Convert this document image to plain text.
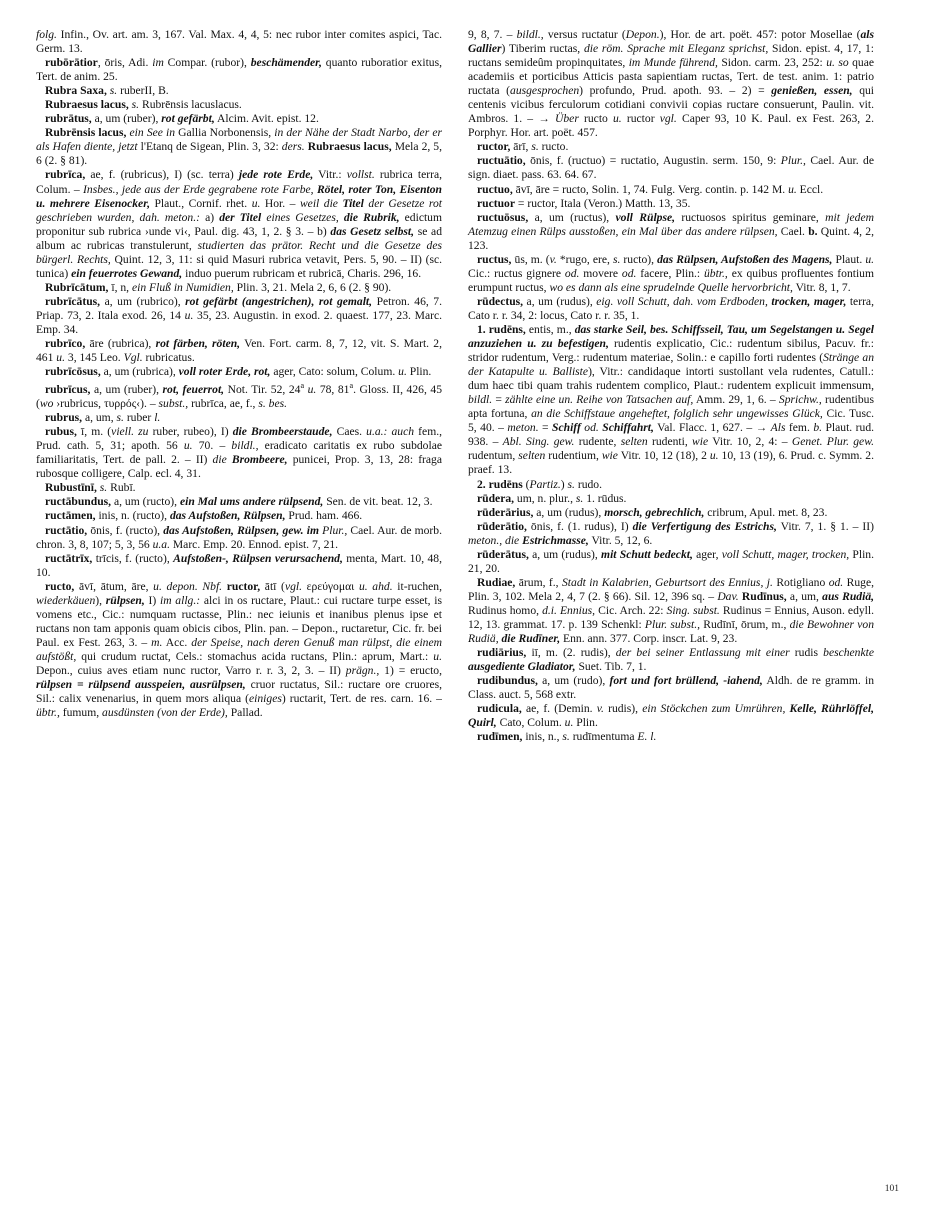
folg. Infin., Ov. art. am. 3, 167. Val. Max. 4, 4, 5: nec rubor inter comites aspici, Tac. Germ. 13.

rubōrātior, ōris, Adi. im Compar. (rubor), beschämender, quanto ruboratior exitus, Tert. de anim. 25.

Rubra Saxa, s. ruberII, B.

Rubraesus lacus, s. Rubrēnsis lacuslacus.

rubrātus, a, um (ruber), rot gefärbt, Alcim. Avit. epist. 12.

Rubrēnsis lacus, ein See in Gallia Norbonensis, in der Nähe der Stadt Narbo, der er als Hafen diente, jetzt l'Etanq de Sigean, Plin. 3, 32: ders. Rubraesus lacus, Mela 2, 5, 6 (2. § 81).

rubrīca, ae, f. (rubricus), I) (sc. terra) jede rote Erde, Vitr.: vollst. rubrica terra, Colum. – Insbes., jede aus der Erde gegrabene rote Farbe, Rötel, roter Ton, Eisenton u. mehrere Eisenocker, Plaut., Cornif. rhet. u. Hor. – weil die Titel der Gesetze rot geschrieben wurden, dah. meton.: a) der Titel eines Gesetzes, die Rubrik, edictum proponitur sub rubrica ›unde vi‹, Paul. dig. 43, 1, 2. § 3. – b) das Gesetz selbst, se ad album ac rubricas transtulerunt, studierten das prätor. Recht und die Gesetze des bürgerl. Rechts, Quint. 12, 3, 11: si quid Masuri rubrica vetavit, Pers. 5, 90. – II) (sc. tunica) ein feuerrotes Gewand, induo puerum rubricam et rubricā, Charis. 296, 16.

Rubrīcātum, ī, n, ein Fluß in Numidien, Plin. 3, 21. Mela 2, 6, 6 (2. § 90).

rubrīcātus, a, um (rubrico), rot gefärbt (angestrichen), rot gemalt, Petron. 46, 7. Priap. 73, 2. Itala exod. 26, 14 u. 35, 23. Augustin. in exod. 2. quaest. 177, 23. Marc. Emp. 34.

rubrīco, āre (rubrica), rot färben, röten, Ven. Fort. carm. 8, 7, 12, vit. S. Mart. 2, 461 u. 3, 145 Leo. Vgl. rubricatus.

rubrīcōsus, a, um (rubrica), voll roter Erde, rot, ager, Cato: solum, Colum. u. Plin.

rubrīcus, a, um (ruber), rot, feuerrot, Not. Tir. 52, 24$^a$ u. 78, 81$^a$. Gloss. II, 426, 45 (wo ›rubricus, τυρρός‹). – subst., rubrīca, ae, f., s. bes.

rubrus, a, um, s. ruber l.

rubus, ī, m. (viell. zu ruber, rubeo), I) die Brombeerstaude, Caes. u.a.: auch fem., Prud. cath. 5, 31; apoth. 56 u. 70. – bildl., eradicato caritatis ex rubo subdolae familiaritatis, Tert. de pall. 2. – II) die Brombeere, punicei, Prop. 3, 13, 28: fraga rubosque colligere, Calp. ecl. 4, 31.

Rubustīnī, s. Rubī.

ructābundus, a, um (ructo), ein Mal ums andere rülpsend, Sen. de vit. beat. 12, 3.

ructāmen, inis, n. (ructo), das Aufstoßen, Rülpsen, Prud. ham. 466.

ructātio, ōnis, f. (ructo), das Aufstoßen, Rülpsen, gew. im Plur., Cael. Aur. de morb. chron. 3, 8, 107; 5, 3, 56 u.a. Marc. Emp. 20. Ennod. epist. 7, 21.

ructātrīx, trīcis, f. (ructo), Aufstoßen-, Rülpsen verursachend, menta, Mart. 10, 48, 10.

ructo, āvī, ātum, āre, u. depon. Nbf. ructor, ātī (vgl. ερεύγομαι u. ahd. it-ruchen, wiederkäuen), rülpsen, I) im allg.: alci in os ructare, Plaut.: cui ructare turpe esset, is vomens etc., Cic.: numquam ructasse, Plin.: nec ieiunis et inanibus plenus ipse et ructans non tam apponis quam obicis cibos, Plin. pan. – Depon., ructaretur, Cic. fr. bei Paul. ex Fest. 263, 3. – m. Acc. der Speise, nach deren Genuß man rülpst, die einem aufstößt, qui crudum ructat, Cels.: stomachus acida ructans, Plin.: aprum, Mart.: u. Depon., cuius aves etiam nunc ructor, Varro r. r. 3, 2, 3. – II) prägn., 1) = eructo, rülpsen = rülpsend ausspeien, ausrülpsen, cruor ructatus, Sil.: ructare ore cruores, Sil.: calix venenarius, in quem mors aliqua (einiges) ructarit, Tert. de res. carn. 16. – übtr., fumum, ausdünsten (von der Erde), Pallad.

9, 8, 7. – bildl., versus ructatur (Depon.), Hor. de art. poët. 457: potor Mosellae (als Gallier) Tiberim ructas, die röm. Sprache mit Eleganz sprichst, Sidon. epist. 4, 17, 1: ructans semideûm propinquitates, im Munde führend, Sidon. carm. 23, 252: u. so quae academiis et porticibus Atticis pasta sapientiam ructas, Tert. de test. anim. 1: patrio ructata (ausgesprochen) profundo, Prud. apoth. 93. – 2) = genießen, essen, qui centenis vicibus ferculorum cotidiani convivii copias ructare consuerunt, Paulin. vit. Ambros. 1. – → Über ructo u. ructor vgl. Caper 93, 10 K. Paul. ex Fest. 263, 2. Porphyr. Hor. art. poët. 457.

ructor, ārī, s. ructo.

ructuātio, ōnis, f. (ructuo) = ructatio, Augustin. serm. 150, 9: Plur., Cael. Aur. de sign. diaet. pass. 63. 64. 67.

ructuo, āvī, āre = ructo, Solin. 1, 74. Fulg. Verg. contin. p. 142 M. u. Eccl.

ructuor = ructor, Itala (Veron.) Matth. 13, 35.

ructuōsus, a, um (ructus), voll Rülpse, ructuosos spiritus geminare, mit jedem Atemzug einen Rülps ausstoßen, ein Mal über das andere rülpsen, Cael. b. Quint. 4, 2, 123.

ructus, ūs, m. (v. *rugo, ere, s. ructo), das Rülpsen, Aufstoßen des Magens, Plaut. u. Cic.: ructus gignere od. movere od. facere, Plin.: übtr., ex quibus profluentes fontium erumpunt ructus, wo es dann als eine sprudelnde Quelle hervorbricht, Vitr. 8, 1, 7.

rūdectus, a, um (rudus), eig. voll Schutt, dah. vom Erdboden, trocken, mager, terra, Cato r. r. 34, 2: locus, Cato r. r. 35, 1.

1. rudēns, entis, m., das starke Seil, bes. Schiffsseil, Tau, um Segelstangen u. Segel anzuziehen u. zu befestigen, rudentis explicatio, Cic.: rudentum sibilus, Pacuv. fr.: stridor rudentum, Verg.: rudentum materiae, Solin.: e capillo forti rudentes (Stränge an der Katapulte u. Balliste), Vitr.: candidaque intorti sustollant vela rudentes, Catull.: dum haec tibi quam trahis rudentem complico, Plaut.: rudentem explicuit immensum, bildl. = zählte eine un. Reihe von Tatsachen auf, Amm. 29, 1, 6. – Sprichw., rudentibus apta fortuna, an die Schiffstaue angeheftet, folglich sehr ungewisses Glück, Cic. Tusc. 5, 40. – meton. = Schiff od. Schiffahrt, Val. Flacc. 1, 627. – → Als fem. b. Plaut. rud. 938. – Abl. Sing. gew. rudente, selten rudenti, wie Vitr. 10, 2, 4: – Genet. Plur. gew. rudentum, selten rudentium, wie Vitr. 10, 12 (18), 2 u. 10, 13 (19), 6. Prud. c. Symm. 2. praef. 13.

2. rudēns (Partiz.) s. rudo.

rūdera, um, n. plur., s. 1. rūdus.

rūderārius, a, um (rudus), morsch, gebrechlich, cribrum, Apul. met. 8, 23.

rūderātio, ōnis, f. (1. rudus), I) die Verfertigung des Estrichs, Vitr. 7, 1. § 1. – II) meton., die Estrichmasse, Vitr. 5, 12, 6.

rūderātus, a, um (rudus), mit Schutt bedeckt, ager, voll Schutt, mager, trocken, Plin. 21, 20.

Rudiae, ārum, f., Stadt in Kalabrien, Geburtsort des Ennius, j. Rotigliano od. Ruge, Plin. 3, 102. Mela 2, 4, 7 (2. § 66). Sil. 12, 396 sq. – Dav. Rudīnus, a, um, aus Rudiä, Rudinus homo, d.i. Ennius, Cic. Arch. 22: Sing. subst. Rudinus = Ennius, Auson. edyll. 12, 13. grammat. 17. p. 139 Schenkl: Plur. subst., Rudīnī, ōrum, m., die Bewohner von Rudiä, die Rudīner, Enn. ann. 377. Corp. inscr. Lat. 9, 23.

rudiārius, iī, m. (2. rudis), der bei seiner Entlassung mit einer rudis beschenkte ausgediente Gladiator, Suet. Tib. 7, 1.

rudibundus, a, um (rudo), fort und fort brüllend, -iahend, Aldh. de re gramm. in Class. auct. 5, 568 extr.

rudicula, ae, f. (Demin. v. rudis), ein Stöckchen zum Umrühren, Kelle, Rührlöffel, Quirl, Cato, Colum. u. Plin.

rudīmen, inis, n., s. rudīmentuma E. l.

101
